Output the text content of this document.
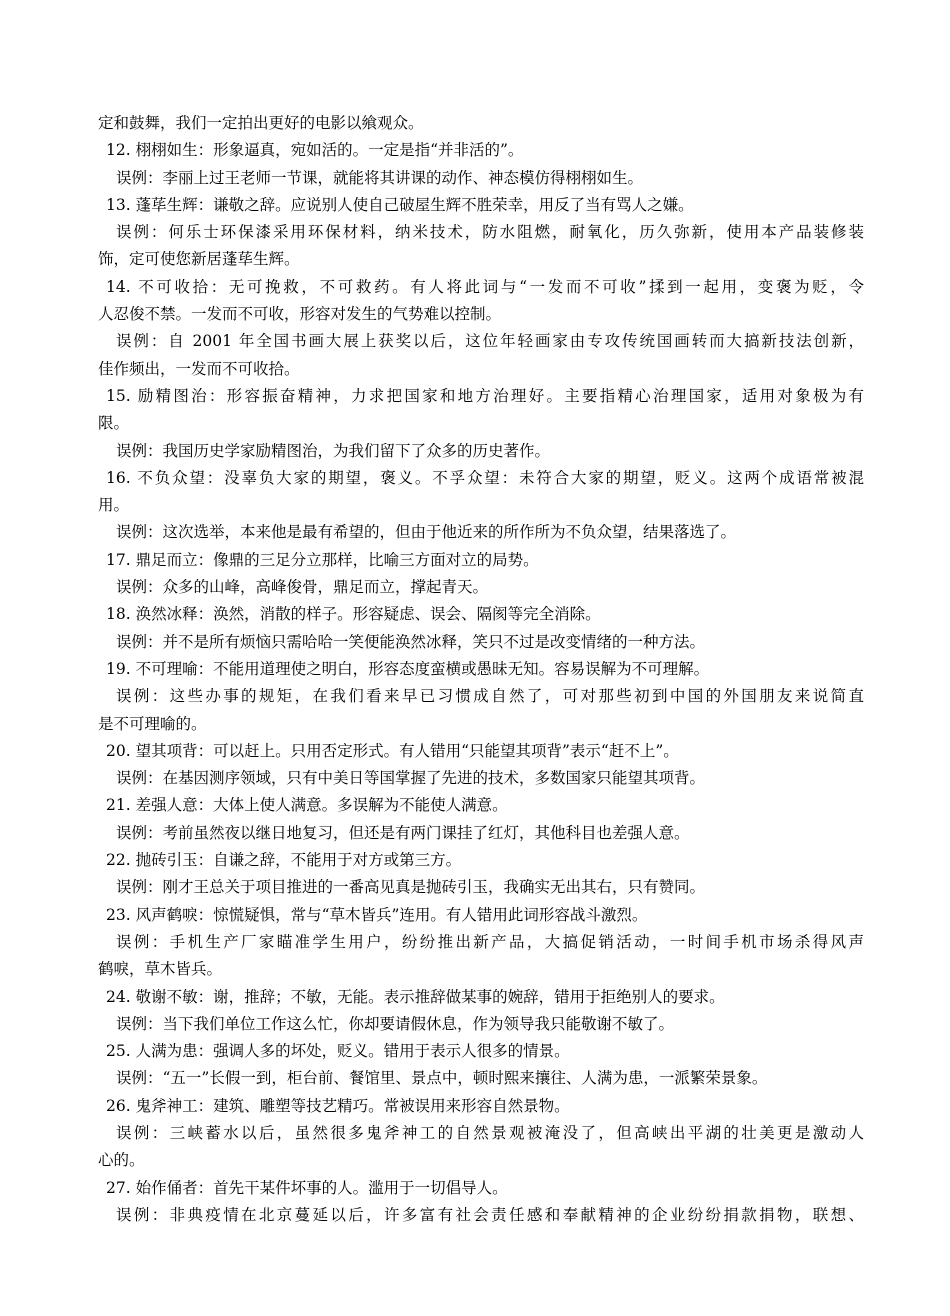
定和鼓舞，我们一定拍出更好的电影以飨观众。
12. 栩栩如生：形象逼真，宛如活的。一定是指“并非活的”。
误例：李丽上过王老师一节课，就能将其讲课的动作、神态模仿得栩栩如生。
13. 蓬荜生辉：谦敬之辞。应说别人使自己破屋生辉不胜荣幸，用反了当有骂人之嫌。
误例：何乐士环保漆采用环保材料，纳米技术，防水阻燃，耐氧化，历久弥新，使用本产品装修装
饰，定可使您新居蓬荜生辉。
14. 不可收拾：无可挽救，不可救药。有人将此词与“一发而不可收”揉到一起用，变褒为贬，令
人忍俊不禁。一发而不可收，形容对发生的气势难以控制。
误例：自 2001 年全国书画大展上获奖以后，这位年轻画家由专攻传统国画转而大搞新技法创新，
佳作频出，一发而不可收拾。
15. 励精图治：形容振奋精神，力求把国家和地方治理好。主要指精心治理国家，适用对象极为有
限。
误例：我国历史学家励精图治，为我们留下了众多的历史著作。
16. 不负众望：没辜负大家的期望，褒义。不孚众望：未符合大家的期望，贬义。这两个成语常被混
用。
误例：这次选举，本来他是最有希望的，但由于他近来的所作所为不负众望，结果落选了。
17. 鼎足而立：像鼎的三足分立那样，比喻三方面对立的局势。
误例：众多的山峰，高峰俊骨，鼎足而立，撑起青天。
18. 涣然冰释：涣然，消散的样子。形容疑虑、误会、隔阂等完全消除。
误例：并不是所有烦恼只需哈哈一笑便能涣然冰释，笑只不过是改变情绪的一种方法。
19. 不可理喻：不能用道理使之明白，形容态度蛮横或愚昧无知。容易误解为不可理解。
误例：这些办事的规矩，在我们看来早已习惯成自然了，可对那些初到中国的外国朋友来说简直
是不可理喻的。
20. 望其项背：可以赶上。只用否定形式。有人错用“只能望其项背”表示“赶不上”。
误例：在基因测序领域，只有中美日等国掌握了先进的技术，多数国家只能望其项背。
21. 差强人意：大体上使人满意。多误解为不能使人满意。
误例：考前虽然夜以继日地复习，但还是有两门课挂了红灯，其他科目也差强人意。
22. 抛砖引玉：自谦之辞，不能用于对方或第三方。
误例：刚才王总关于项目推进的一番高见真是抛砖引玉，我确实无出其右，只有赞同。
23. 风声鹤唳：惊慌疑惧，常与“草木皆兵”连用。有人错用此词形容战斗激烈。
误例：手机生产厂家瞄准学生用户，纷纷推出新产品，大搞促销活动，一时间手机市场杀得风声
鹤唳，草木皆兵。
24. 敬谢不敏：谢，推辞；不敏，无能。表示推辞做某事的婉辞，错用于拒绝别人的要求。
误例：当下我们单位工作这么忙，你却要请假休息，作为领导我只能敬谢不敏了。
25. 人满为患：强调人多的坏处，贬义。错用于表示人很多的情景。
误例：“五一”长假一到，柜台前、餐馆里、景点中，顿时熙来攘往、人满为患，一派繁荣景象。
26. 鬼斧神工：建筑、雕塑等技艺精巧。常被误用来形容自然景物。
误例：三峡蓄水以后，虽然很多鬼斧神工的自然景观被淹没了，但高峡出平湖的壮美更是激动人
心的。
27. 始作俑者：首先干某件坏事的人。滥用于一切倡导人。
误例：非典疫情在北京蔓延以后，许多富有社会责任感和奉献精神的企业纷纷捐款捐物，联想、
